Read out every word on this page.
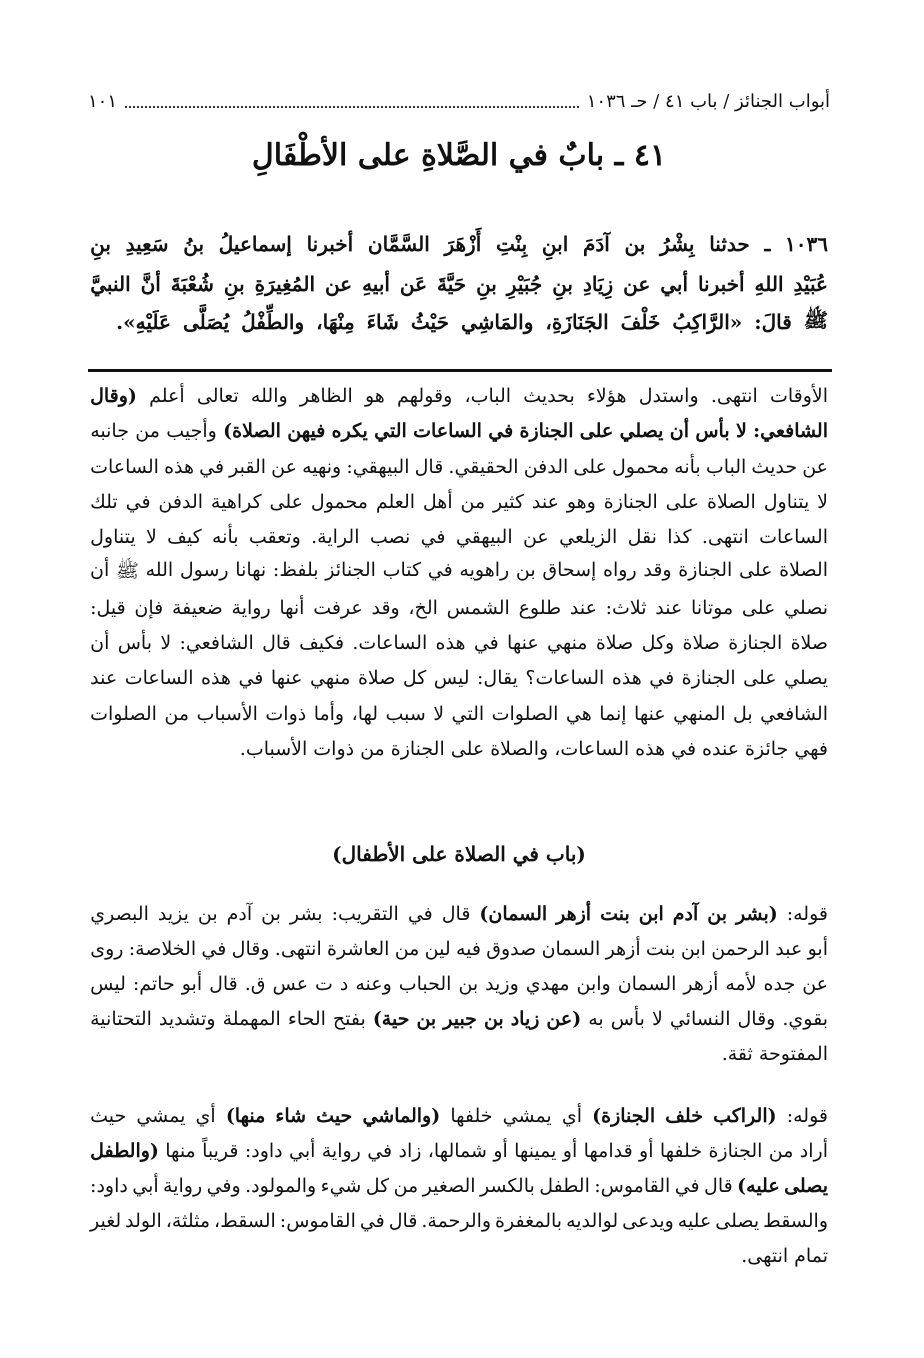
أبواب الجنائز / باب ٤١ / حـ ١٠٣٦
١٠١
٤١ ـ بابٌ في الصَّلاةِ على الأطْفَالِ
١٠٣٦
ـ
حدثنا
بِشْرُ
بن
آدَمَ
ابنِ
بِنْتِ
أَزْهَرَ
السَّمَّان
أخبرنا
إسماعيلُ
بنُ
سَعِيدِ
بنِ
عُبَيْدِ
اللهِ
أخبرنا
أبي
عن
زِيَادِ
بنِ
جُبَيْرِ
بنِ
حَيَّةَ
عَن
أبيهِ
عن
المُغِيرَةِ
بنِ
شُعْبَةَ
أنَّ
النبيَّ
ﷺ
قالَ:
«الرَّاكِبُ
خَلْفَ
الجَنَازَةِ،
والمَاشِي
حَيْثُ
شَاءَ
مِنْهَا،
والطِّفْلُ
يُصَلَّى
عَلَيْهِ».
الأوقات
انتهى.
واستدل
هؤلاء
بحديث
الباب،
وقولهم
هو
الظاهر
والله
تعالى
أعلم
(وقال
الشافعي:
لا
بأس
أن
يصلي
على
الجنازة
في
الساعات
التي
يكره
فيهن
الصلاة)
وأجيب
من
جانبه
عن
حديث
الباب
بأنه
محمول
على
الدفن
الحقيقي.
قال
البيهقي:
ونهيه
عن
القبر
في
هذه
الساعات
لا
يتناول
الصلاة
على
الجنازة
وهو
عند
كثير
من
أهل
العلم
محمول
على
كراهية
الدفن
في
تلك
الساعات
انتهى.
كذا
نقل
الزيلعي
عن
البيهقي
في
نصب
الراية.
وتعقب
بأنه
كيف
لا
يتناول
الصلاة
على
الجنازة
وقد
رواه
إسحاق
بن
راهويه
في
كتاب
الجنائز
بلفظ:
نهانا
رسول
الله
ﷺ
أن
نصلي
على
موتانا
عند
ثلاث:
عند
طلوع
الشمس
الخ،
وقد
عرفت
أنها
رواية
ضعيفة
فإن
قيل:
صلاة
الجنازة
صلاة
وكل
صلاة
منهي
عنها
في
هذه
الساعات.
فكيف
قال
الشافعي:
لا
بأس
أن
يصلي
على
الجنازة
في
هذه
الساعات؟
يقال:
ليس
كل
صلاة
منهي
عنها
في
هذه
الساعات
عند
الشافعي
بل
المنهي
عنها
إنما
هي
الصلوات
التي
لا
سبب
لها،
وأما
ذوات
الأسباب
من
الصلوات
فهي
جائزة
عنده
في
هذه
الساعات،
والصلاة
على
الجنازة
من
ذوات
الأسباب.
(باب في الصلاة على الأطفال)
قوله:
(بشر
بن
آدم
ابن
بنت
أزهر
السمان)
قال
في
التقريب:
بشر
بن
آدم
بن
يزيد
البصري
أبو
عبد
الرحمن
ابن
بنت
أزهر
السمان
صدوق
فيه
لين
من
العاشرة
انتهى.
وقال
في
الخلاصة:
روى
عن
جده
لأمه
أزهر
السمان
وابن
مهدي
وزيد
بن
الحباب
وعنه
د
ت
عس
ق.
قال
أبو
حاتم:
ليس
بقوي.
وقال
النسائي
لا
بأس
به
(عن
زياد
بن
جبير
بن
حية)
بفتح
الحاء
المهملة
وتشديد
التحتانية
المفتوحة
ثقة.
قوله:
(الراكب
خلف
الجنازة)
أي
يمشي
خلفها
(والماشي
حيث
شاء
منها)
أي
يمشي
حيث
أراد
من
الجنازة
خلفها
أو
قدامها
أو
يمينها
أو
شمالها،
زاد
في
رواية
أبي
داود:
قريباً
منها
(والطفل
يصلى
عليه)
قال
في
القاموس:
الطفل
بالكسر
الصغير
من
كل
شيء
والمولود.
وفي
رواية
أبي
داود:
والسقط
يصلى
عليه
ويدعى
لوالديه
بالمغفرة
والرحمة.
قال
في
القاموس:
السقط،
مثلثة،
الولد
لغير
تمام
انتهى.
